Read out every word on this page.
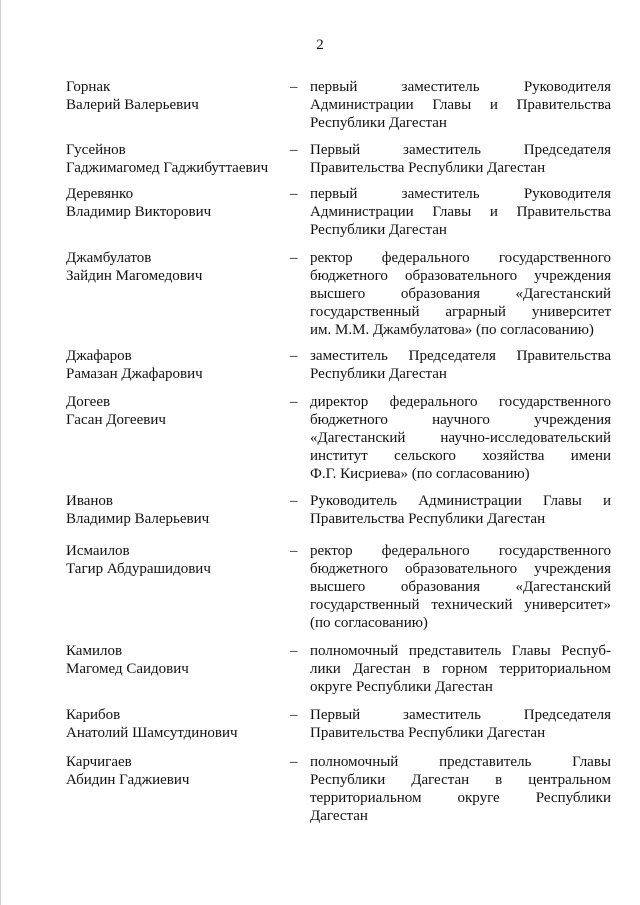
2
Горнак
Валерий Валерьевич
– первый заместитель Руководителя
Администрации Главы и Правительства
Республики Дагестан
Гусейнов
Гаджимагомед Гаджибуттаевич
– Первый заместитель Председателя
Правительства Республики Дагестан
Деревянко
Владимир Викторович
– первый заместитель Руководителя
Администрации Главы и Правительства
Республики Дагестан
Джамбулатов
Зайдин Магомедович
– ректор федерального государственного
бюджетного образовательного учреждения
высшего образования «Дагестанский
государственный аграрный университет
им. М.М. Джамбулатова» (по согласованию)
Джафаров
Рамазан Джафарович
– заместитель Председателя Правительства
Республики Дагестан
Догеев
Гасан Догеевич
– директор федерального государственного
бюджетного научного учреждения
«Дагестанский научно-исследовательский
институт сельского хозяйства имени
Ф.Г. Кисриева» (по согласованию)
Иванов
Владимир Валерьевич
– Руководитель Администрации Главы и
Правительства Республики Дагестан
Исмаилов
Тагир Абдурашидович
– ректор федерального государственного
бюджетного образовательного учреждения
высшего образования «Дагестанский
государственный технический университет»
(по согласованию)
Камилов
Магомед Саидович
– полномочный представитель Главы Респуб-
лики Дагестан в горном территориальном
округе Республики Дагестан
Карибов
Анатолий Шамсутдинович
– Первый заместитель Председателя
Правительства Республики Дагестан
Карчигаев
Абидин Гаджиевич
– полномочный представитель Главы
Республики Дагестан в центральном
территориальном округе Республики
Дагестан
